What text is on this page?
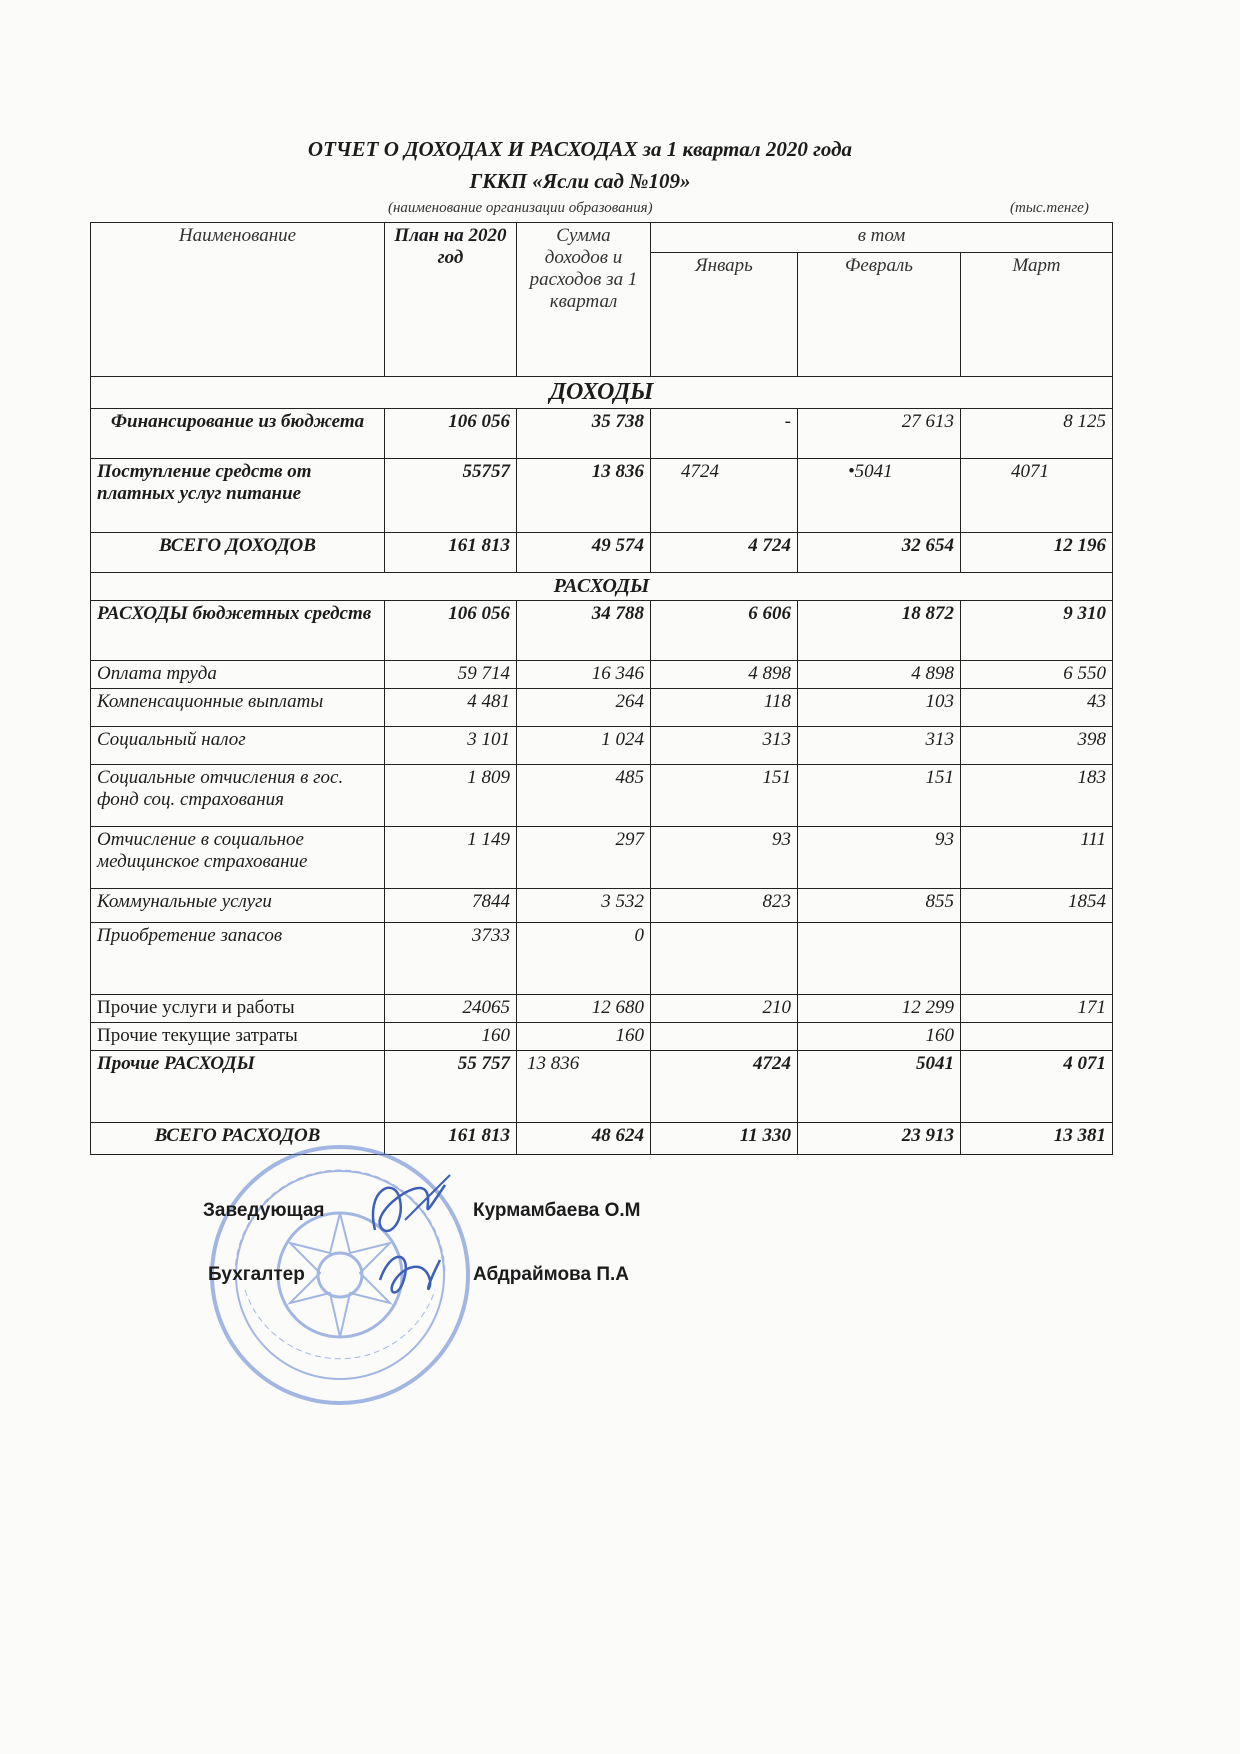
ОТЧЕТ О ДОХОДАХ И РАСХОДАХ за 1 квартал 2020 года
ГККП «Ясли сад №109»
(наименование организации образования)	(тыс.тенге)
Наименование	План на 2020 год	Сумма доходов и расходов за 1 квартал	в том		
			Январь	Февраль	Март
ДОХОДЫ					
Финансирование из бюджета	106 056	35 738	-	27 613	8 125
Поступление средств от платных услуг питание	55757	13 836	4724	•5041	4071
ВСЕГО ДОХОДОВ	161 813	49 574	4 724	32 654	12 196
РАСХОДЫ					
РАСХОДЫ бюджетных средств	106 056	34 788	6 606	18 872	9 310
Оплата труда	59 714	16 346	4 898	4 898	6 550
Компенсационные выплаты	4 481	264	118	103	43
Социальный налог	3 101	1 024	313	313	398
Социальные отчисления в гос. фонд соц. страхования	1 809	485	151	151	183
Отчисление в социальное медицинское страхование	1 149	297	93	93	111
Коммунальные услуги	7844	3 532	823	855	1854
Приобретение запасов	3733	0			
Прочие услуги и работы	24065	12 680	210	12 299	171
Прочие текущие затраты	160	160		160	
Прочие РАСХОДЫ	55 757	13 836	4724	5041	4 071
ВСЕГО РАСХОДОВ	161 813	48 624	11 330	23 913	13 381
Заведующая	Курмамбаева О.М
Бухгалтер	Абдраймова П.А
